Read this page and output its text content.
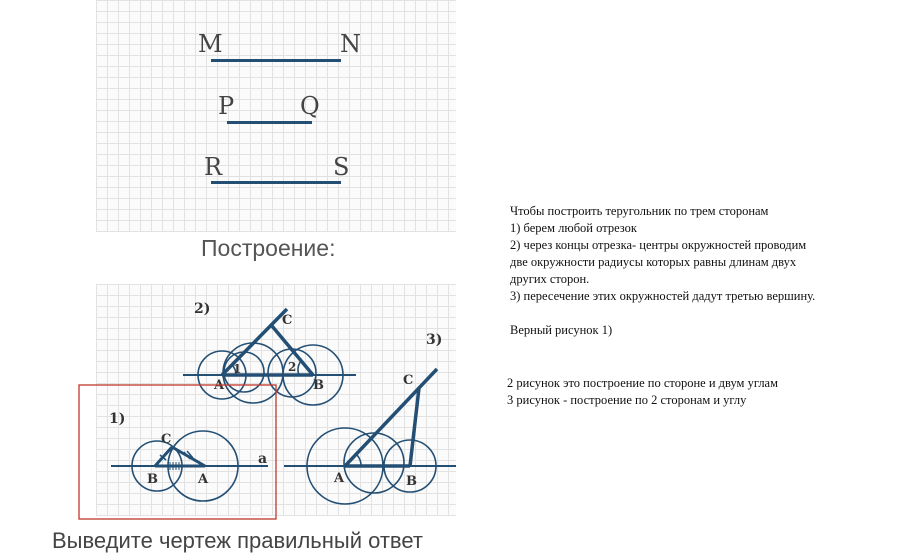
M	N
P	Q
R	S
Построение:
2)
C
A	B
1	2
3)
C
A	B
1)
C
B	A
a
Чтобы построить теругольник по трем сторонам
1) берем любой отрезок
2) через концы отрезка- центры окружностей проводим
две окружности радиусы которых равны длинам двух
других сторон.
3) пересечение этих окружностей дадут третью вершину.
Верный рисунок 1)
2 рисунок это построение по стороне и двум углам
3 рисунок - построение по 2 сторонам и углу
Выведите чертеж правильный ответ
